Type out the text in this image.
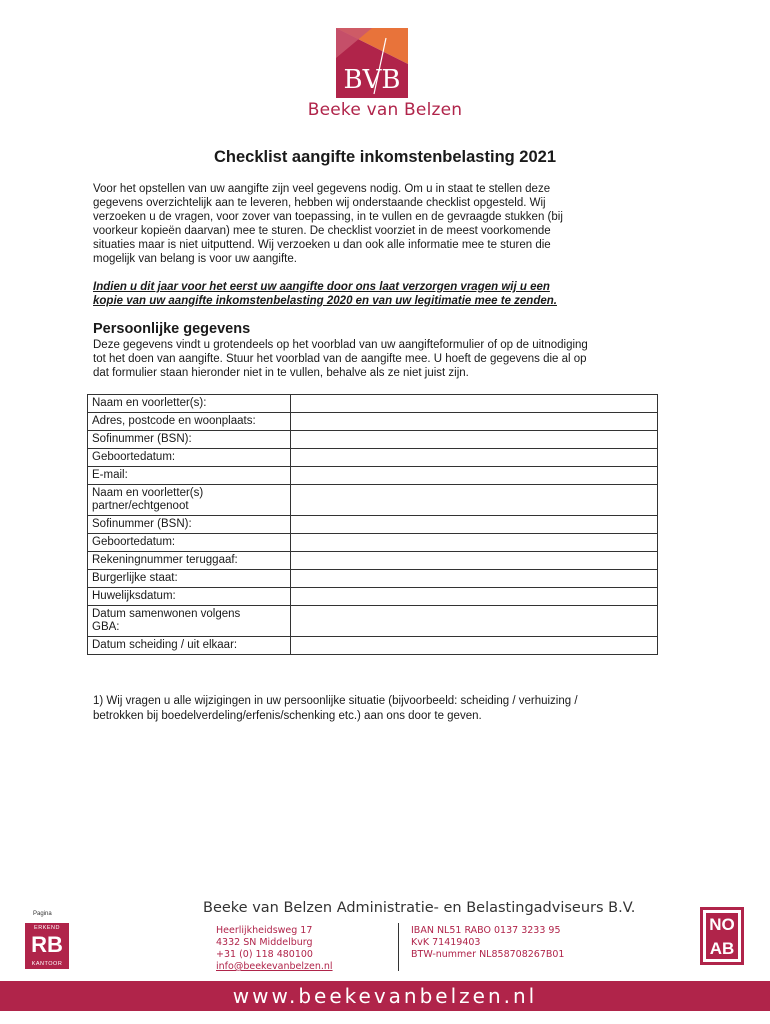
BVB
Beeke van Belzen
Checklist aangifte inkomstenbelasting 2021
Voor het opstellen van uw aangifte zijn veel gegevens nodig. Om u in staat te stellen deze
gegevens overzichtelijk aan te leveren, hebben wij onderstaande checklist opgesteld. Wij
verzoeken u de vragen, voor zover van toepassing, in te vullen en de gevraagde stukken (bij
voorkeur kopieën daarvan) mee te sturen. De checklist voorziet in de meest voorkomende
situaties maar is niet uitputtend. Wij verzoeken u dan ook alle informatie mee te sturen die
mogelijk van belang is voor uw aangifte.
Indien u dit jaar voor het eerst uw aangifte door ons laat verzorgen vragen wij u een
kopie van uw aangifte inkomstenbelasting 2020 en van uw legitimatie mee te zenden.
Persoonlijke gegevens
Deze gegevens vindt u grotendeels op het voorblad van uw aangifteformulier of op de uitnodiging
tot het doen van aangifte. Stuur het voorblad van de aangifte mee. U hoeft de gegevens die al op
dat formulier staan hieronder niet in te vullen, behalve als ze niet juist zijn.
Naam en voorletter(s):	

Adres, postcode en woonplaats:	

Sofinummer (BSN):	

Geboortedatum:	

E-mail:	

Naam en voorletter(s)
partner/echtgenoot	

Sofinummer (BSN):	

Geboortedatum:	

Rekeningnummer teruggaaf:	

Burgerlijke staat:	

Huwelijksdatum:	

Datum samenwonen volgens
GBA:	

Datum scheiding / uit elkaar:	

1) Wij vragen u alle wijzigingen in uw persoonlijke situatie (bijvoorbeeld: scheiding / verhuizing /
betrokken bij boedelverdeling/erfenis/schenking etc.) aan ons door te geven.
Pagina
ERKEND
RB
KANTOOR
Beeke van Belzen Administratie- en Belastingadviseurs B.V.
Heerlijkheidsweg 17
4332 SN Middelburg
+31 (0) 118 480100
info@beekevanbelzen.nl
IBAN NL51 RABO 0137 3233 95
KvK 71419403
BTW-nummer NL858708267B01
NO
AB
www.beekevanbelzen.nl
